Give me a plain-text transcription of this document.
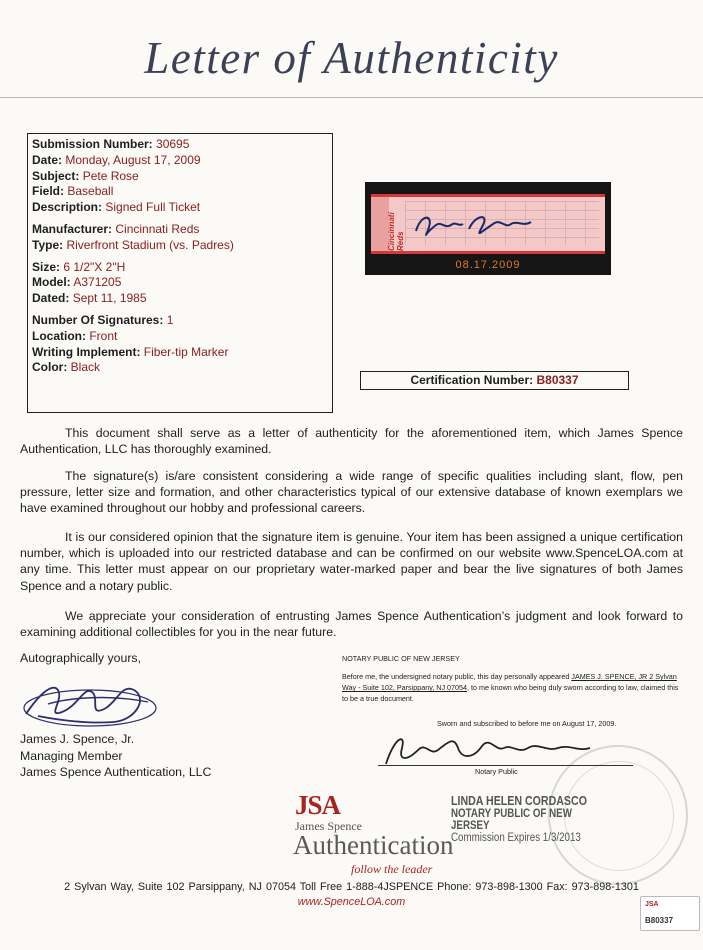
Letter of Authenticity
Submission Number: 30695
Date: Monday, August 17, 2009
Subject: Pete Rose
Field: Baseball
Description: Signed Full Ticket
Manufacturer: Cincinnati Reds
Type: Riverfront Stadium (vs. Padres)
Size: 6 1/2"X 2"H
Model: A371205
Dated: Sept 11, 1985
Number Of Signatures: 1
Location: Front
Writing Implement: Fiber-tip Marker
Color: Black
Cincinnati Reds
08.17.2009
Certification Number: B80337

This document shall serve as a letter of authenticity for the aforementioned item, which James Spence Authentication, LLC has thoroughly examined.

The signature(s) is/are consistent considering a wide range of specific qualities including slant, flow, pen pressure, letter size and formation, and other characteristics typical of our extensive database of known exemplars we have examined throughout our hobby and professional careers.

It is our considered opinion that the signature item is genuine. Your item has been assigned a unique certification number, which is uploaded into our restricted database and can be confirmed on our website www.SpenceLOA.com at any time. This letter must appear on our proprietary water-marked paper and bear the live signatures of both James Spence and a notary public.

We appreciate your consideration of entrusting James Spence Authentication’s judgment and look forward to examining additional collectibles for you in the near future.

Autographically yours,
James J. Spence, Jr.
Managing Member
James Spence Authentication, LLC
NOTARY PUBLIC OF NEW JERSEY
Before me, the undersigned notary public, this day personally appeared JAMES J. SPENCE, JR 2 Sylvan Way - Suite 102, Parsippany, NJ 07054, to me known who being duly sworn according to law, claimed this to be a true document.
Sworn and subscribed to before me on August 17, 2009.
Notary Public
JSA
James Spence
Authentication
follow the leader
LINDA HELEN CORDASCO
NOTARY PUBLIC OF NEW JERSEY
Commission Expires 1/3/2013
2 Sylvan Way, Suite 102 Parsippany, NJ 07054 Toll Free 1-888-4JSPENCE Phone: 973-898-1300 Fax: 973-898-1301
www.SpenceLOA.com	JSA
B80337
